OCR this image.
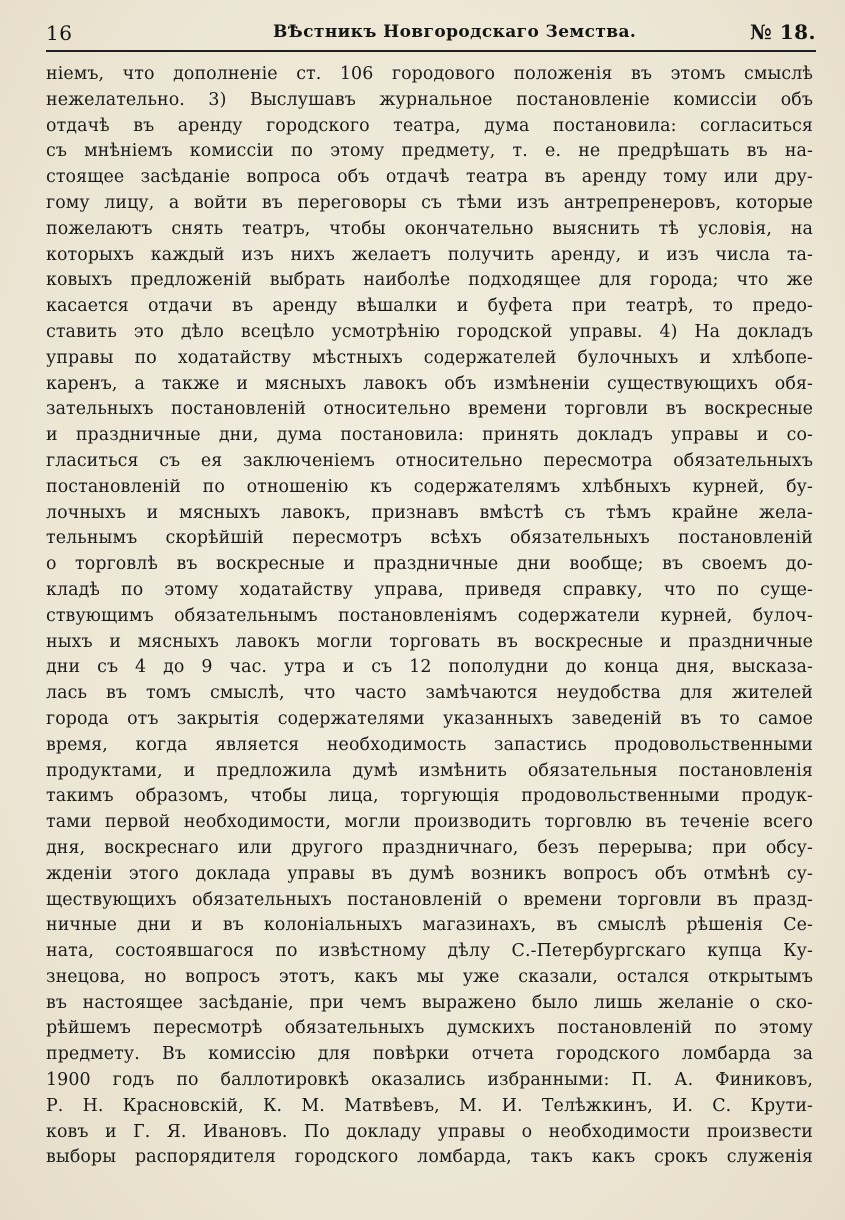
16	ВѢстникъ Новгородскаго Земства.	№ 18.
ніемъ, что дополненіе ст. 106 городового положенія въ этомъ смыслѣ
нежелательно. 3) Выслушавъ журнальное постановленіе комиссіи объ
отдачѣ въ аренду городского театра, дума постановила: согласиться
съ мнѣніемъ комиссіи по этому предмету, т. е. не предрѣшать въ на-
стоящее засѣданіе вопроса объ отдачѣ театра въ аренду тому или дру-
гому лицу, а войти въ переговоры съ тѣми изъ антрепренеровъ, которые
пожелаютъ снять театръ, чтобы окончательно выяснить тѣ условія, на
которыхъ каждый изъ нихъ желаетъ получить аренду, и изъ числа та-
ковыхъ предложеній выбрать наиболѣе подходящее для города; что же
касается отдачи въ аренду вѣшалки и буфета при театрѣ, то предо-
ставить это дѣло всецѣло усмотрѣнію городской управы. 4) На докладъ
управы по ходатайству мѣстныхъ содержателей булочныхъ и хлѣбопе-
каренъ, а также и мясныхъ лавокъ объ измѣненіи существующихъ обя-
зательныхъ постановленій относительно времени торговли въ воскресные
и праздничные дни, дума постановила: принять докладъ управы и со-
гласиться съ ея заключеніемъ относительно пересмотра обязательныхъ
постановленій по отношенію къ содержателямъ хлѣбныхъ курней, бу-
лочныхъ и мясныхъ лавокъ, признавъ вмѣстѣ съ тѣмъ крайне жела-
тельнымъ скорѣйшій пересмотръ всѣхъ обязательныхъ постановленій
о торговлѣ въ воскресные и праздничные дни вообще; въ своемъ до-
кладѣ по этому ходатайству управа, приведя справку, что по суще-
ствующимъ обязательнымъ постановленіямъ содержатели курней, булоч-
ныхъ и мясныхъ лавокъ могли торговать въ воскресные и праздничные
дни съ 4 до 9 час. утра и съ 12 пополудни до конца дня, высказа-
лась въ томъ смыслѣ, что часто замѣчаются неудобства для жителей
города отъ закрытія содержателями указанныхъ заведеній въ то самое
время, когда является необходимость запастись продовольственными
продуктами, и предложила думѣ измѣнить обязательныя постановленія
такимъ образомъ, чтобы лица, торгующія продовольственными продук-
тами первой необходимости, могли производить торговлю въ теченіе всего
дня, воскреснаго или другого праздничнаго, безъ перерыва; при обсу-
жденіи этого доклада управы въ думѣ возникъ вопросъ объ отмѣнѣ су-
ществующихъ обязательныхъ постановленій о времени торговли въ празд-
ничные дни и въ колоніальныхъ магазинахъ, въ смыслѣ рѣшенія Се-
ната, состоявшагося по извѣстному дѣлу С.-Петербургскаго купца Ку-
знецова, но вопросъ этотъ, какъ мы уже сказали, остался открытымъ
въ настоящее засѣданіе, при чемъ выражено было лишь желаніе о ско-
рѣйшемъ пересмотрѣ обязательныхъ думскихъ постановленій по этому
предмету. Въ комиссію для повѣрки отчета городского ломбарда за
1900 годъ по баллотировкѣ оказались избранными: П. А. Финиковъ,
Р. Н. Красновскій, К. М. Матвѣевъ, М. И. Телѣжкинъ, И. С. Крути-
ковъ и Г. Я. Ивановъ. По докладу управы о необходимости произвести
выборы распорядителя городского ломбарда, такъ какъ срокъ служенія
